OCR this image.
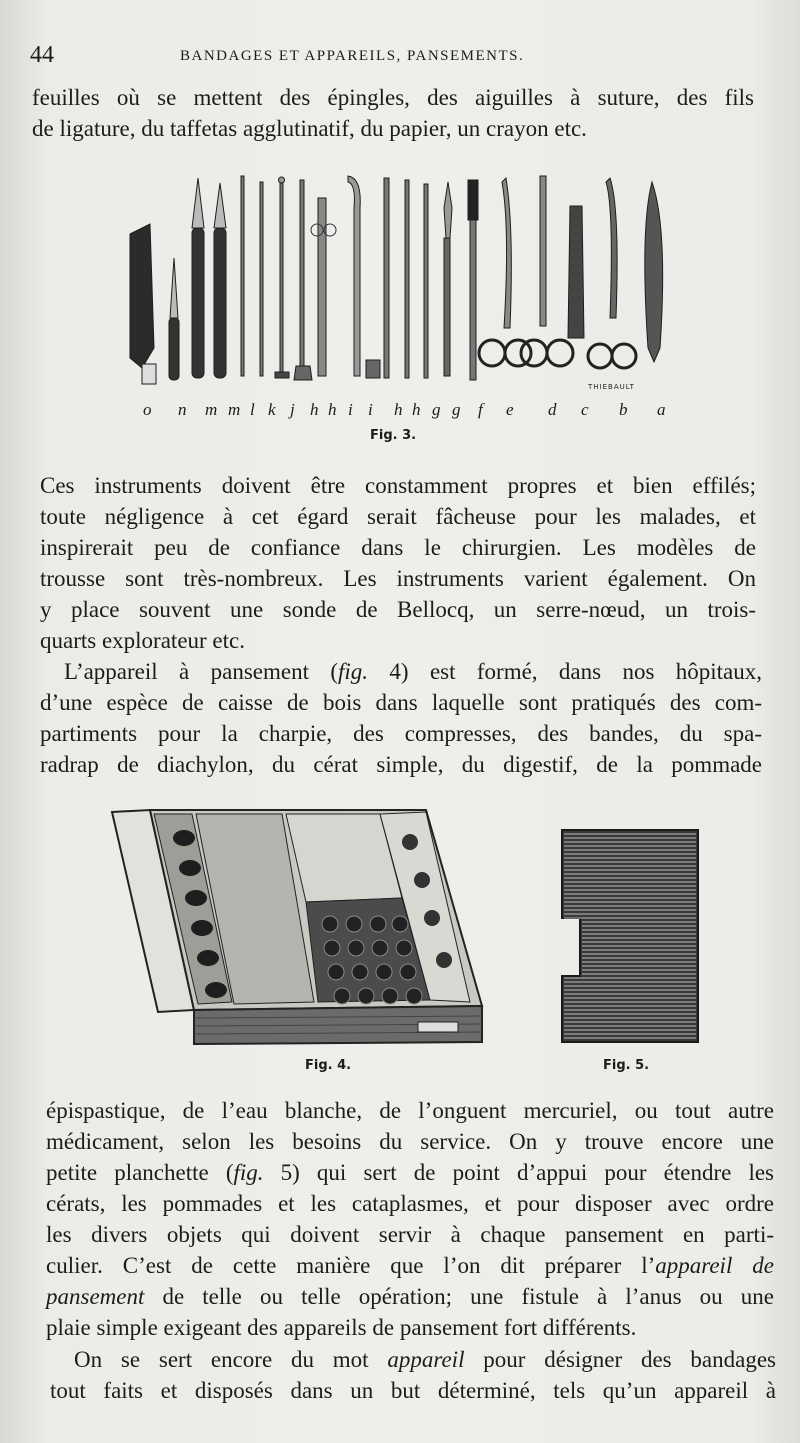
44	BANDAGES ET APPAREILS, PANSEMENTS.
feuilles où se mettent des épingles, des aiguilles à suture, des fils
de ligature, du taffetas agglutinatif, du papier, un crayon etc.
THIEBAULT
o n m m l k j h h i i h h g g f e d c b a
Fig. 3.
Ces instruments doivent être constamment propres et bien effilés;
toute négligence à cet égard serait fâcheuse pour les malades, et
inspirerait peu de confiance dans le chirurgien. Les modèles de
trousse sont très-nombreux. Les instruments varient également. On
y place souvent une sonde de Bellocq, un serre-nœud, un trois-
quarts explorateur etc.
L’appareil à pansement (fig. 4) est formé, dans nos hôpitaux,
d’une espèce de caisse de bois dans laquelle sont pratiqués des com-
partiments pour la charpie, des compresses, des bandes, du spa-
radrap de diachylon, du cérat simple, du digestif, de la pommade
Fig. 4.	Fig. 5.
épispastique, de l’eau blanche, de l’onguent mercuriel, ou tout autre
médicament, selon les besoins du service. On y trouve encore une
petite planchette (fig. 5) qui sert de point d’appui pour étendre les
cérats, les pommades et les cataplasmes, et pour disposer avec ordre
les divers objets qui doivent servir à chaque pansement en parti-
culier. C’est de cette manière que l’on dit préparer l’appareil de
pansement de telle ou telle opération; une fistule à l’anus ou une
plaie simple exigeant des appareils de pansement fort différents.
On se sert encore du mot appareil pour désigner des bandages
tout faits et disposés dans un but déterminé, tels qu’un appareil à
